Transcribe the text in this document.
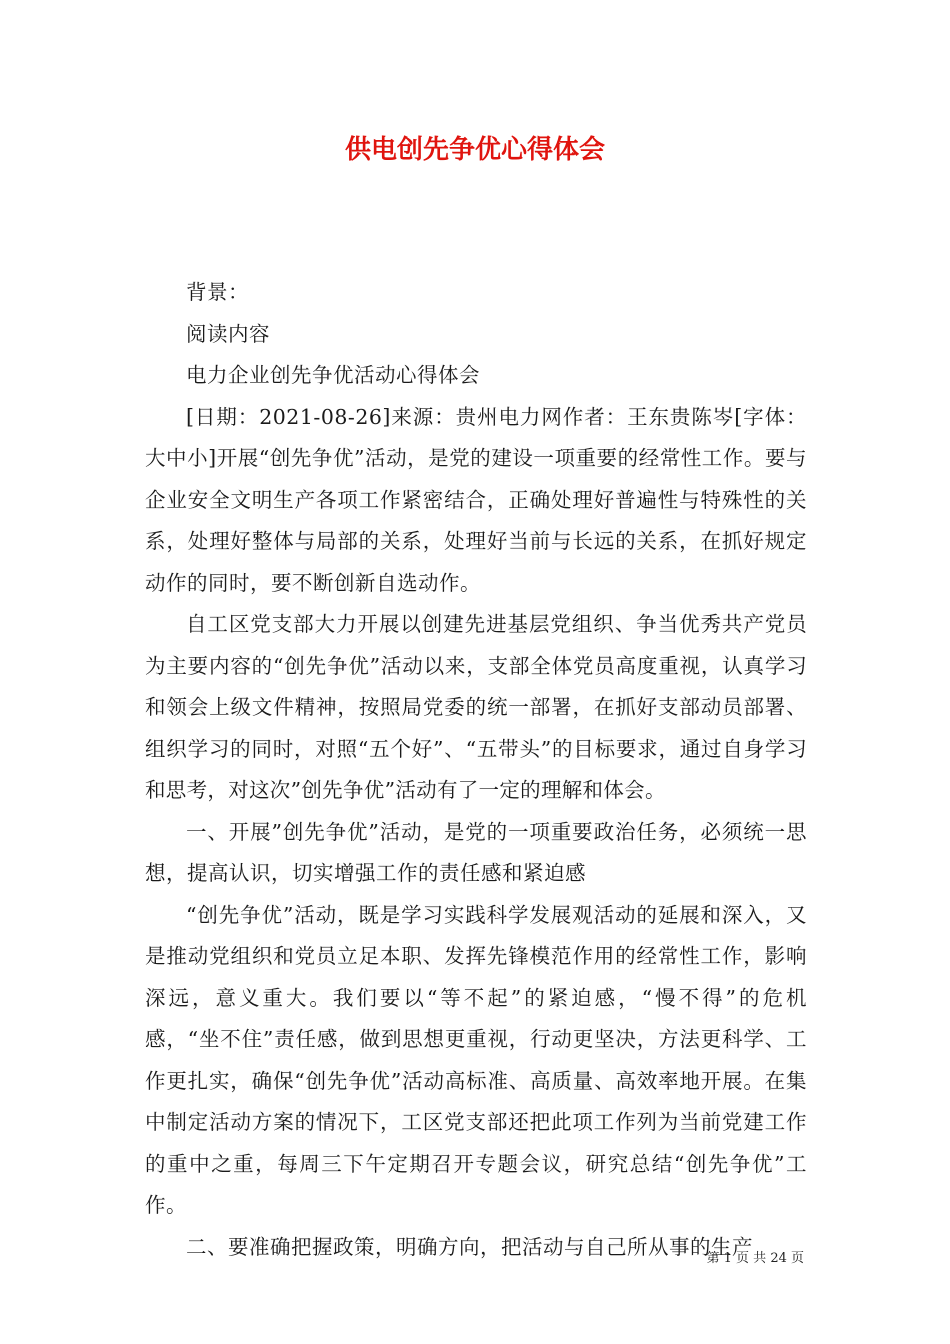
供电创先争优心得体会

背景：

阅读内容

电力企业创先争优活动心得体会

[日期：2021-08-26]来源：贵州电力网作者：王东贵陈岑[字体：大中小]开展“创先争优”活动，是党的建设一项重要的经常性工作。要与企业安全文明生产各项工作紧密结合，正确处理好普遍性与特殊性的关系，处理好整体与局部的关系，处理好当前与长远的关系，在抓好规定动作的同时，要不断创新自选动作。

自工区党支部大力开展以创建先进基层党组织、争当优秀共产党员为主要内容的“创先争优”活动以来，支部全体党员高度重视，认真学习和领会上级文件精神，按照局党委的统一部署，在抓好支部动员部署、组织学习的同时，对照“五个好”、“五带头”的目标要求，通过自身学习和思考，对这次”创先争优”活动有了一定的理解和体会。

一、开展”创先争优”活动，是党的一项重要政治任务，必须统一思想，提高认识，切实增强工作的责任感和紧迫感

“创先争优”活动，既是学习实践科学发展观活动的延展和深入，又是推动党组织和党员立足本职、发挥先锋模范作用的经常性工作，影响深远，意义重大。我们要以“等不起”的紧迫感，“慢不得”的危机感，“坐不住”责任感，做到思想更重视，行动更坚决，方法更科学、工作更扎实，确保“创先争优”活动高标准、高质量、高效率地开展。在集中制定活动方案的情况下，工区党支部还把此项工作列为当前党建工作的重中之重，每周三下午定期召开专题会议，研究总结“创先争优”工作。

二、要准确把握政策，明确方向，把活动与自己所从事的生产

第 1 页 共 24 页
